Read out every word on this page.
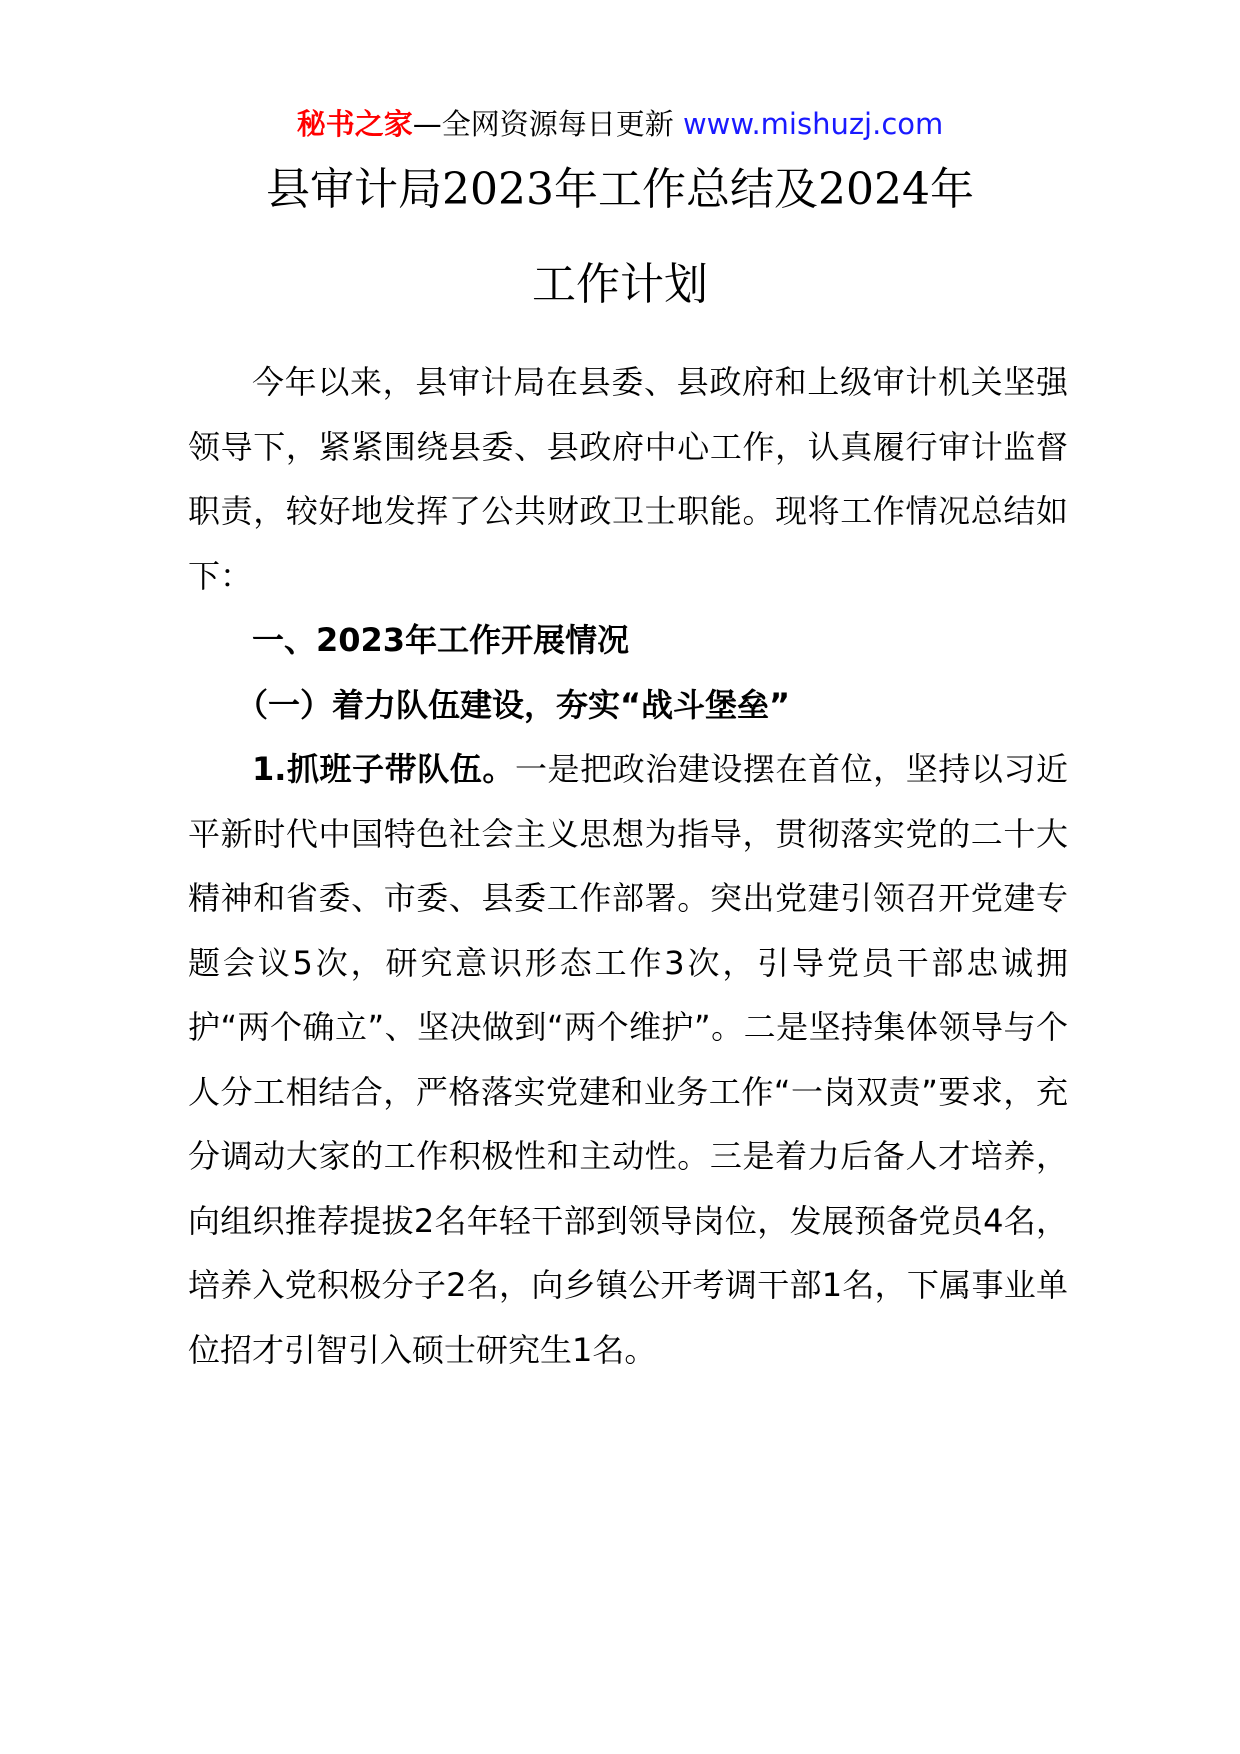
秘书之家—全网资源每日更新 www.mishuzj.com
县审计局2023年工作总结及2024年
工作计划

今年以来，县审计局在县委、县政府和上级审计机关坚强领导下，紧紧围绕县委、县政府中心工作，认真履行审计监督职责，较好地发挥了公共财政卫士职能。现将工作情况总结如下：

一、2023年工作开展情况

（一）着力队伍建设，夯实“战斗堡垒”

1.抓班子带队伍。一是把政治建设摆在首位，坚持以习近平新时代中国特色社会主义思想为指导，贯彻落实党的二十大精神和省委、市委、县委工作部署。突出党建引领召开党建专题会议5次，研究意识形态工作3次，引导党员干部忠诚拥护“两个确立”、坚决做到“两个维护”。二是坚持集体领导与个人分工相结合，严格落实党建和业务工作“一岗双责”要求，充分调动大家的工作积极性和主动性。三是着力后备人才培养，向组织推荐提拔2名年轻干部到领导岗位，发展预备党员4名，培养入党积极分子2名，向乡镇公开考调干部1名，下属事业单位招才引智引入硕士研究生1名。
